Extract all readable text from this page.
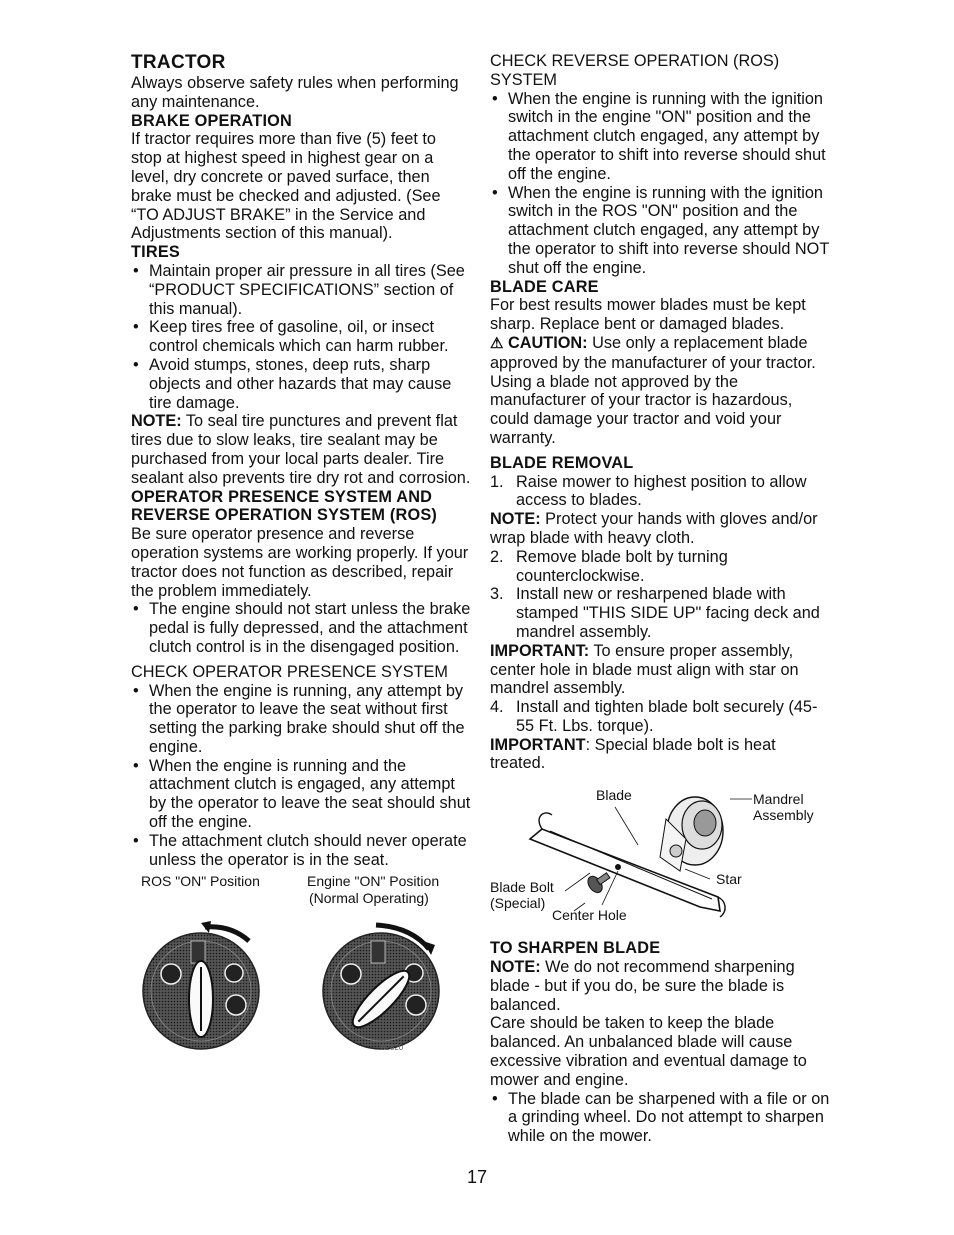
TRACTOR

Always observe safety rules when performing any maintenance.

BRAKE OPERATION

If tractor requires more than five (5) feet to stop at highest speed in highest gear on a level, dry concrete or paved surface, then brake must be checked and adjusted. (See “TO ADJUST BRAKE” in the Service and Adjustments section of this manual).

TIRES
• Maintain proper air pressure in all tires (See “PRODUCT SPECIFICATIONS” section of this manual).
• Keep tires free of gasoline, oil, or insect control chemicals which can harm rubber.
• Avoid stumps, stones, deep ruts, sharp objects and other hazards that may cause tire damage.

NOTE: To seal tire punctures and prevent flat tires due to slow leaks, tire sealant may be purchased from your local parts dealer. Tire sealant also prevents tire dry rot and corrosion.

OPERATOR PRESENCE SYSTEM AND REVERSE OPERATION SYSTEM (ROS)

Be sure operator presence and reverse operation systems are working properly. If your tractor does not function as described, repair the problem immediately.

• The engine should not start unless the brake pedal is fully depressed, and the attachment clutch control is in the disengaged position.
CHECK OPERATOR PRESENCE SYSTEM
• When the engine is running, any attempt by the operator to leave the seat without first setting the parking brake should shut off the engine.
• When the engine is running and the attachment clutch is engaged, any attempt by the operator to leave the seat should shut off the engine.
• The attachment clutch should never operate unless the operator is in the seat.
ROS "ON" Position	Engine "ON" Position
(Normal Operating)
02820

CHECK REVERSE OPERATION (ROS) SYSTEM

• When the engine is running with the ignition switch in the engine "ON" position and the attachment clutch engaged, any attempt by the operator to shift into reverse should shut off the engine.
• When the engine is running with the ignition switch in the ROS "ON" position and the attachment clutch engaged, any attempt by the operator to shift into reverse should NOT shut off the engine.
BLADE CARE

For best results mower blades must be kept sharp. Replace bent or damaged blades.

⚠ CAUTION: Use only a replacement blade approved by the manufacturer of your tractor. Using a blade not approved by the manufacturer of your tractor is hazardous, could damage your tractor and void your warranty.

BLADE REMOVAL
1. Raise mower to highest position to allow access to blades.

NOTE: Protect your hands with gloves and/or wrap blade with heavy cloth.

2. Remove blade bolt by turning counterclockwise.
3. Install new or resharpened blade with stamped "THIS SIDE UP" facing deck and mandrel assembly.

IMPORTANT: To ensure proper assembly, center hole in blade must align with star on mandrel assembly.

4. Install and tighten blade bolt securely (45-55 Ft. Lbs. torque).

IMPORTANT: Special blade bolt is heat treated.

Blade	Mandrel
Assembly
Star
Blade Bolt
(Special)
Center Hole
TO SHARPEN BLADE

NOTE: We do not recommend sharpening blade - but if you do, be sure the blade is balanced.

Care should be taken to keep the blade balanced. An unbalanced blade will cause excessive vibration and eventual damage to mower and engine.

• The blade can be sharpened with a file or on a grinding wheel. Do not attempt to sharpen while on the mower.
17
